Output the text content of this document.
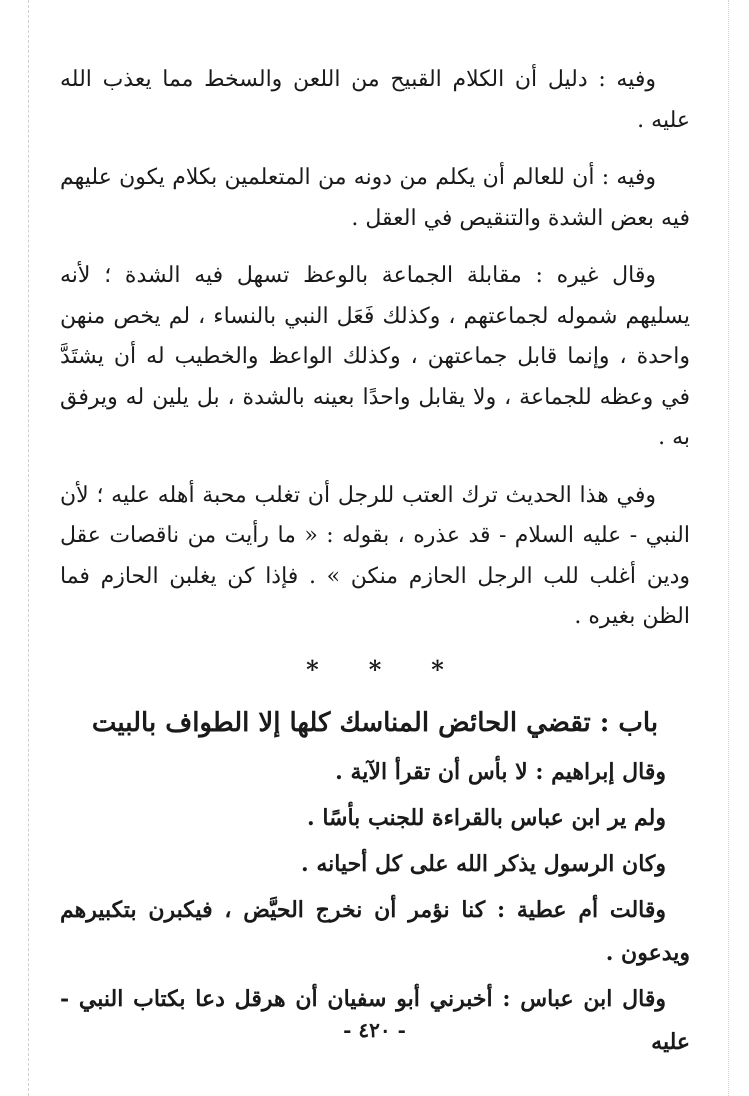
وفيه : دليل أن الكلام القبيح من اللعن والسخط مما يعذب الله عليه .

وفيه : أن للعالم أن يكلم من دونه من المتعلمين بكلام يكون عليهم فيه بعض الشدة والتنقيص في العقل .

وقال غيره : مقابلة الجماعة بالوعظ تسهل فيه الشدة ؛ لأنه يسليهم شموله لجماعتهم ، وكذلك فَعَل النبي بالنساء ، لم يخص منهن واحدة ، وإنما قابل جماعتهن ، وكذلك الواعظ والخطيب له أن يشتَدَّ في وعظه للجماعة ، ولا يقابل واحدًا بعينه بالشدة ، بل يلين له ويرفق به .

وفي هذا الحديث ترك العتب للرجل أن تغلب محبة أهله عليه ؛ لأن النبي - عليه السلام - قد عذره ، بقوله : « ما رأيت من ناقصات عقل ودين أغلب للب الرجل الحازم منكن » . فإذا كن يغلبن الحازم فما الظن بغيره .

* * *
باب : تقضي الحائض المناسك كلها إلا الطواف بالبيت

وقال إبراهيم : لا بأس أن تقرأ الآية .

ولم ير ابن عباس بالقراءة للجنب بأسًا .

وكان الرسول يذكر الله على كل أحيانه .

وقالت أم عطية : كنا نؤمر أن نخرج الحيَّض ، فيكبرن بتكبيرهم ويدعون .

وقال ابن عباس : أخبرني أبو سفيان أن هرقل دعا بكتاب النبي - عليه

- ٤٢٠ -
